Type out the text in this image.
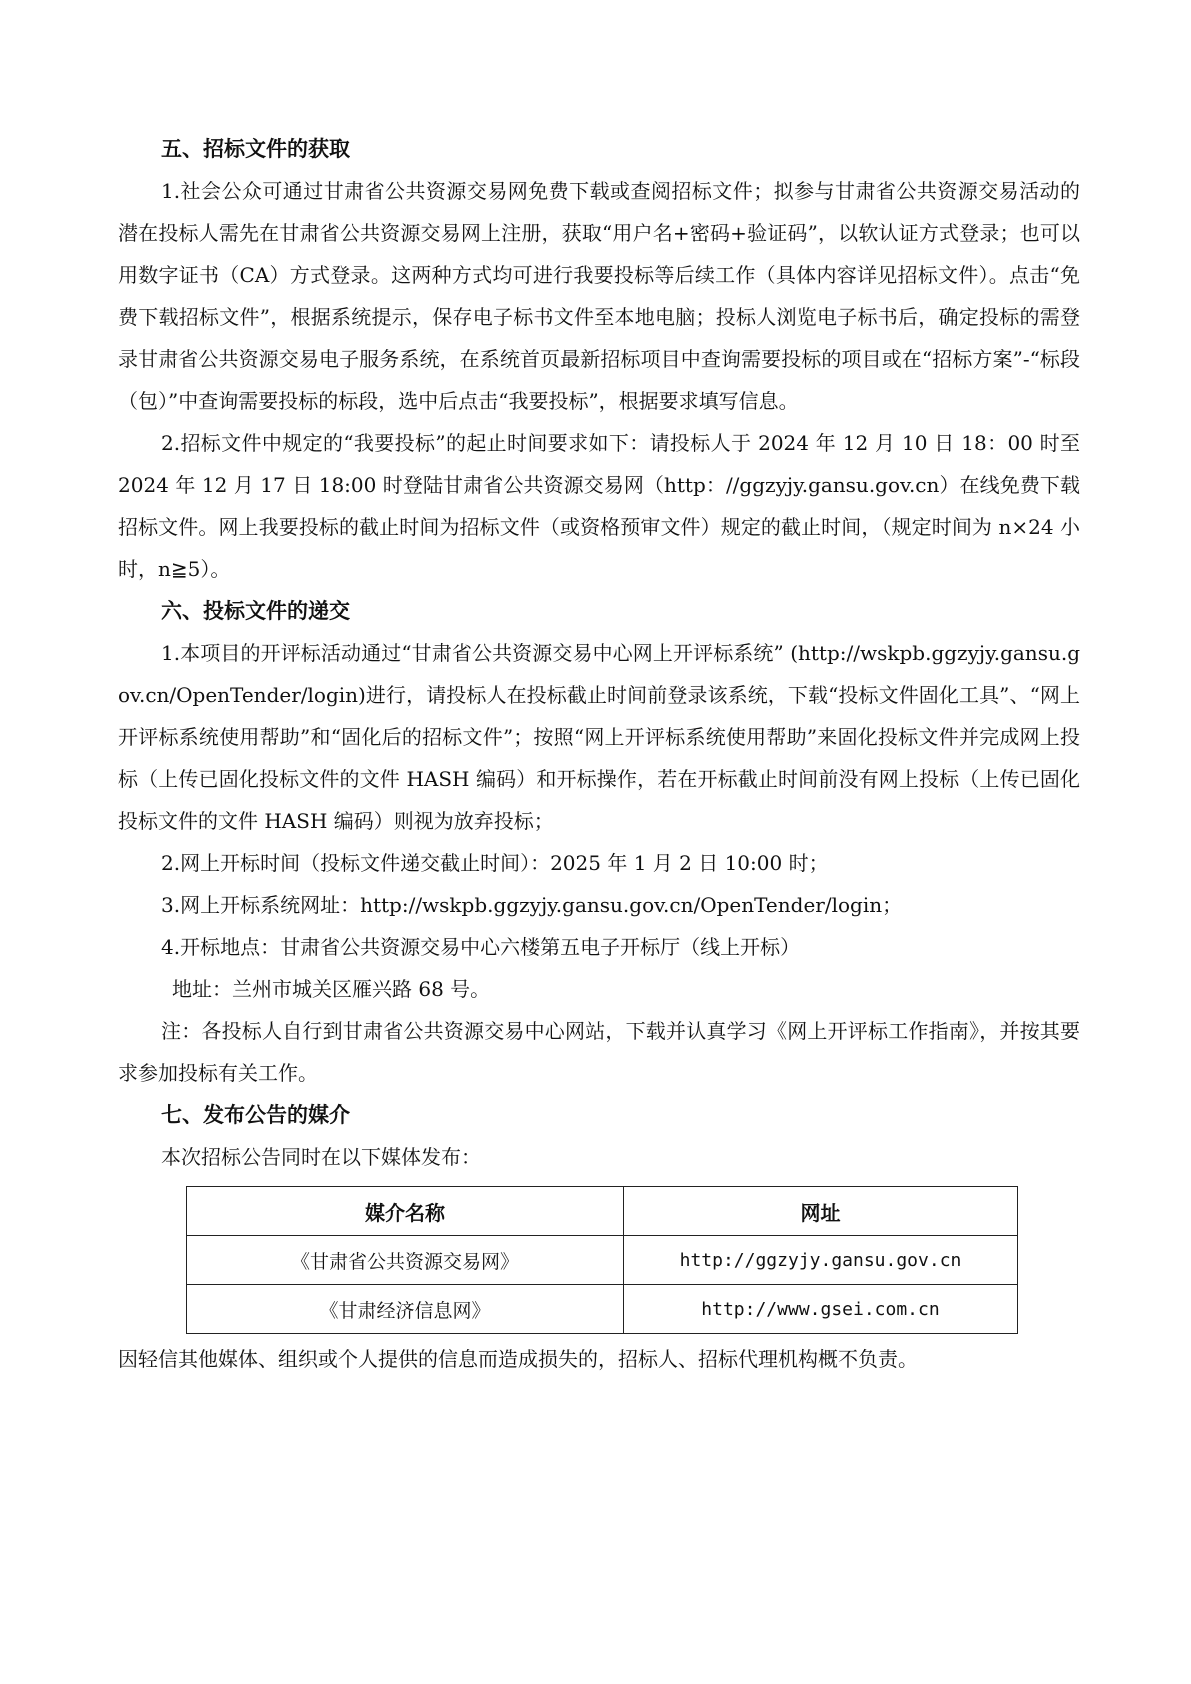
五、招标文件的获取

1.社会公众可通过甘肃省公共资源交易网免费下载或查阅招标文件；拟参与甘肃省公共资源交易活动的潜在投标人需先在甘肃省公共资源交易网上注册，获取“用户名+密码+验证码”，以软认证方式登录；也可以用数字证书（CA）方式登录。这两种方式均可进行我要投标等后续工作（具体内容详见招标文件）。点击“免费下载招标文件”，根据系统提示，保存电子标书文件至本地电脑；投标人浏览电子标书后，确定投标的需登录甘肃省公共资源交易电子服务系统，在系统首页最新招标项目中查询需要投标的项目或在“招标方案”-“标段（包）”中查询需要投标的标段，选中后点击“我要投标”，根据要求填写信息。

2.招标文件中规定的“我要投标”的起止时间要求如下：请投标人于 2024 年 12 月 10 日 18：00 时至 2024 年 12 月 17 日 18:00 时登陆甘肃省公共资源交易网（http：//ggzyjy.gansu.gov.cn）在线免费下载招标文件。网上我要投标的截止时间为招标文件（或资格预审文件）规定的截止时间，（规定时间为 n×24 小时，n≧5）。

六、投标文件的递交

1.本项目的开评标活动通过“甘肃省公共资源交易中心网上开评标系统” (http://wskpb.ggzyjy.gansu.gov.cn/OpenTender/login)进行，请投标人在投标截止时间前登录该系统，下载“投标文件固化工具”、“网上开评标系统使用帮助”和“固化后的招标文件”；按照“网上开评标系统使用帮助”来固化投标文件并完成网上投标（上传已固化投标文件的文件 HASH 编码）和开标操作，若在开标截止时间前没有网上投标（上传已固化投标文件的文件 HASH 编码）则视为放弃投标；

2.网上开标时间（投标文件递交截止时间）：2025 年 1 月 2 日 10:00 时；

3.网上开标系统网址：http://wskpb.ggzyjy.gansu.gov.cn/OpenTender/login；

4.开标地点：甘肃省公共资源交易中心六楼第五电子开标厅（线上开标）

地址：兰州市城关区雁兴路 68 号。

注：各投标人自行到甘肃省公共资源交易中心网站，下载并认真学习《网上开评标工作指南》，并按其要求参加投标有关工作。

七、发布公告的媒介

本次招标公告同时在以下媒体发布：

媒介名称	网址
《甘肃省公共资源交易网》	http://ggzyjy.gansu.gov.cn
《甘肃经济信息网》	http://www.gsei.com.cn

因轻信其他媒体、组织或个人提供的信息而造成损失的，招标人、招标代理机构概不负责。
